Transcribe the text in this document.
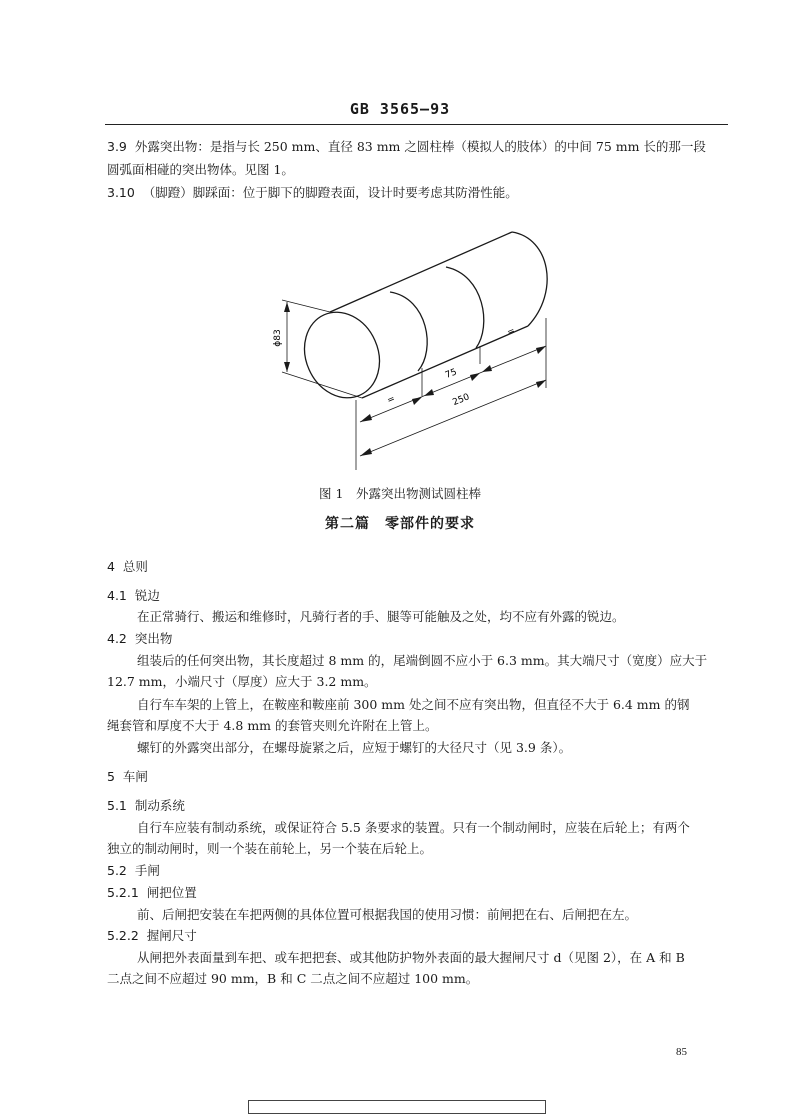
GB 3565—93
3.9 外露突出物：是指与长 250 mm、直径 83 mm 之圆柱棒（模拟人的肢体）的中间 75 mm 长的那一段
圆弧面相碰的突出物体。见图 1。
3.10 （脚蹬）脚踩面：位于脚下的脚蹬表面，设计时要考虑其防滑性能。
ϕ83
75
250
=
=
图 1　外露突出物测试圆柱棒
第二篇　零部件的要求
4 总则
4.1 锐边
在正常骑行、搬运和维修时，凡骑行者的手、腿等可能触及之处，均不应有外露的锐边。
4.2 突出物
组装后的任何突出物，其长度超过 8 mm 的，尾端倒圆不应小于 6.3 mm。其大端尺寸（宽度）应大于
12.7 mm，小端尺寸（厚度）应大于 3.2 mm。
自行车车架的上管上，在鞍座和鞍座前 300 mm 处之间不应有突出物，但直径不大于 6.4 mm 的钢
绳套管和厚度不大于 4.8 mm 的套管夹则允许附在上管上。
螺钉的外露突出部分，在螺母旋紧之后，应短于螺钉的大径尺寸（见 3.9 条）。
5 车闸
5.1 制动系统
自行车应装有制动系统，或保证符合 5.5 条要求的装置。只有一个制动闸时，应装在后轮上；有两个
独立的制动闸时，则一个装在前轮上，另一个装在后轮上。
5.2 手闸
5.2.1 闸把位置
前、后闸把安装在车把两侧的具体位置可根据我国的使用习惯：前闸把在右、后闸把在左。
5.2.2 握闸尺寸
从闸把外表面量到车把、或车把把套、或其他防护物外表面的最大握闸尺寸 d（见图 2），在 A 和 B
二点之间不应超过 90 mm，B 和 C 二点之间不应超过 100 mm。
85
